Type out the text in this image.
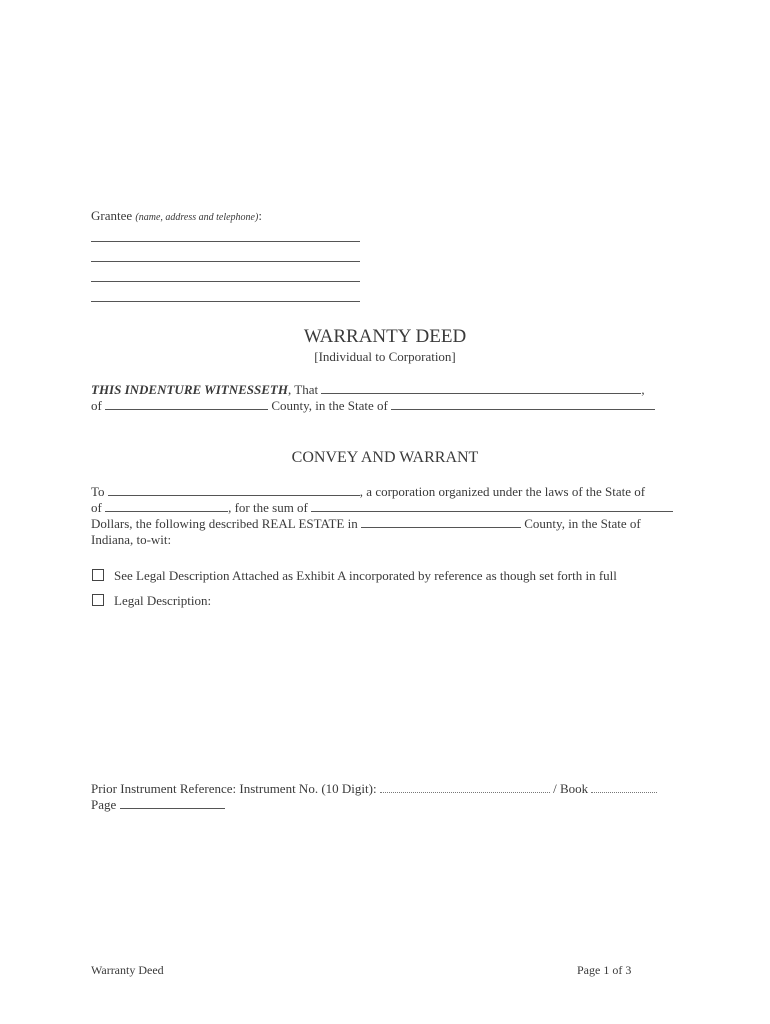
Grantee (name, address and telephone):
WARRANTY DEED
[Individual to Corporation]
THIS INDENTURE WITNESSETH, That	,
of	County, in the State of
CONVEY AND WARRANT
To	, a corporation organized under the laws of the State of
of	, for the sum of
Dollars, the following described REAL ESTATE in	County, in the State of
Indiana, to-wit:
See Legal Description Attached as Exhibit A incorporated by reference as though set forth in full
Legal Description:
Prior Instrument Reference: Instrument No. (10 Digit):	/ Book
Page
Warranty Deed	Page 1 of 3
